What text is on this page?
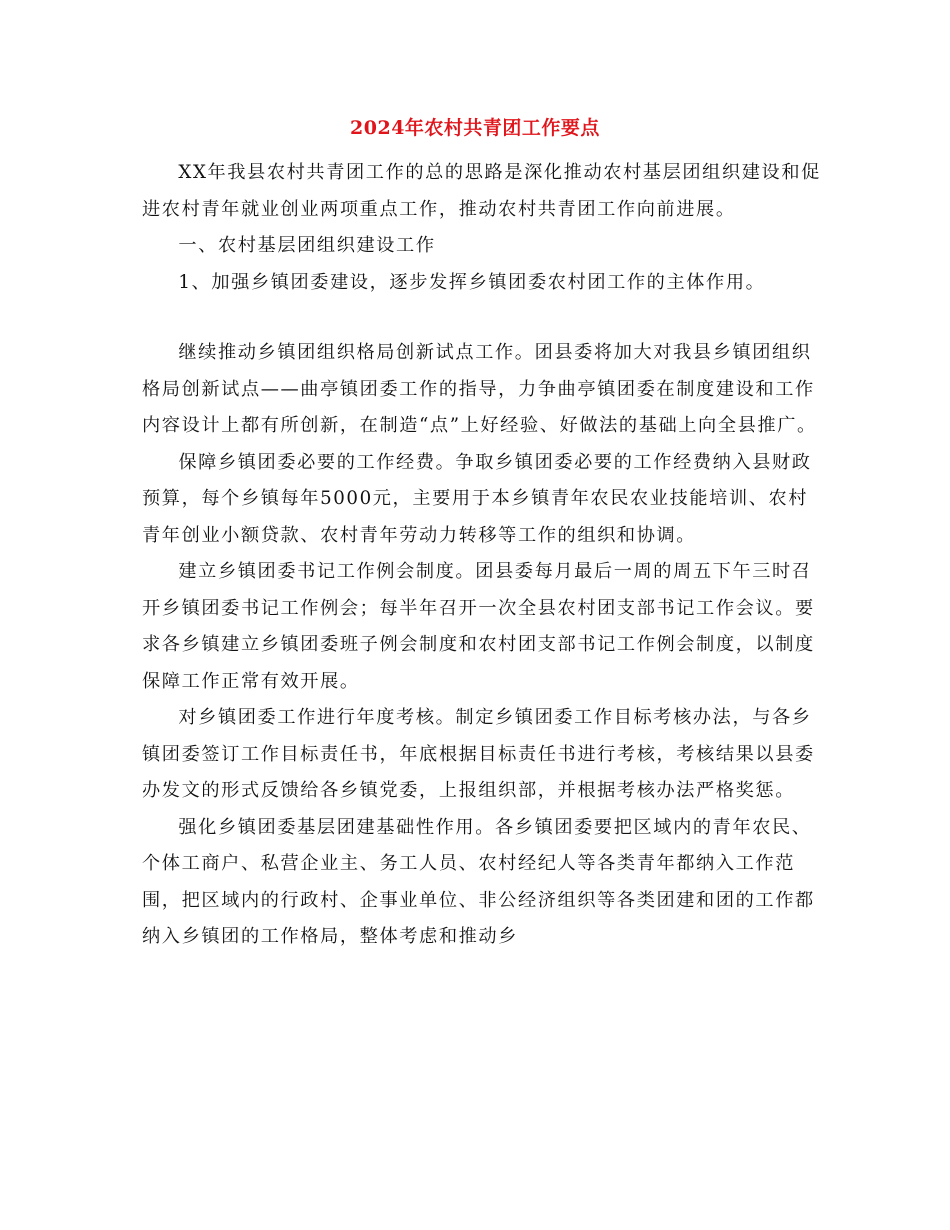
2024年农村共青团工作要点

XX年我县农村共青团工作的总的思路是深化推动农村基层团组织建设和促进农村青年就业创业两项重点工作，推动农村共青团工作向前进展。

一、农村基层团组织建设工作

1、加强乡镇团委建设，逐步发挥乡镇团委农村团工作的主体作用。

继续推动乡镇团组织格局创新试点工作。团县委将加大对我县乡镇团组织格局创新试点——曲亭镇团委工作的指导，力争曲亭镇团委在制度建设和工作内容设计上都有所创新，在制造“点”上好经验、好做法的基础上向全县推广。

保障乡镇团委必要的工作经费。争取乡镇团委必要的工作经费纳入县财政预算，每个乡镇每年5000元，主要用于本乡镇青年农民农业技能培训、农村青年创业小额贷款、农村青年劳动力转移等工作的组织和协调。

建立乡镇团委书记工作例会制度。团县委每月最后一周的周五下午三时召开乡镇团委书记工作例会；每半年召开一次全县农村团支部书记工作会议。要求各乡镇建立乡镇团委班子例会制度和农村团支部书记工作例会制度，以制度保障工作正常有效开展。

对乡镇团委工作进行年度考核。制定乡镇团委工作目标考核办法，与各乡镇团委签订工作目标责任书，年底根据目标责任书进行考核，考核结果以县委办发文的形式反馈给各乡镇党委，上报组织部，并根据考核办法严格奖惩。

强化乡镇团委基层团建基础性作用。各乡镇团委要把区域内的青年农民、个体工商户、私营企业主、务工人员、农村经纪人等各类青年都纳入工作范围，把区域内的行政村、企事业单位、非公经济组织等各类团建和团的工作都纳入乡镇团的工作格局，整体考虑和推动乡
